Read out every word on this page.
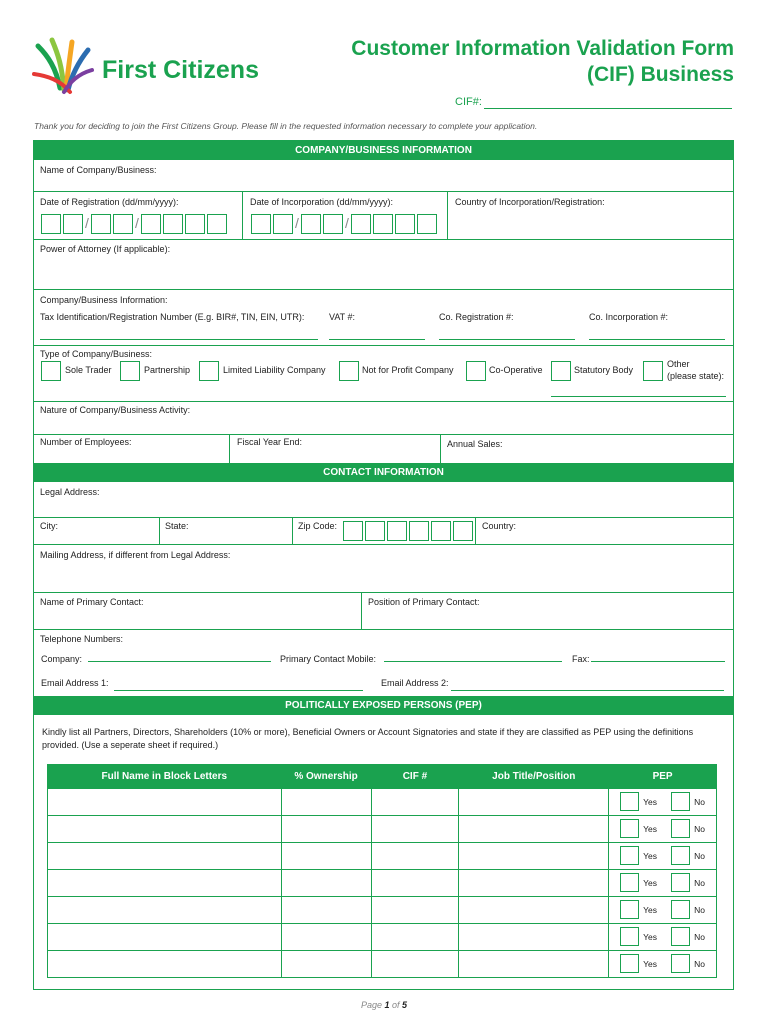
First Citizens
Customer Information Validation Form
(CIF) Business
CIF#:
Thank you for deciding to join the First Citizens Group. Please fill in the requested information necessary to complete your application.
COMPANY/BUSINESS INFORMATION
Name of Company/Business:
Date of Registration (dd/mm/yyyy):	Date of Incorporation (dd/mm/yyyy):	Country of Incorporation/Registration:
/	/	/	/
Power of Attorney (If applicable):
Company/Business Information:
Tax Identification/Registration Number (E.g. BIR#, TIN, EIN, UTR):	VAT #:	Co. Registration #:	Co. Incorporation #:
Type of Company/Business:
Sole Trader	Partnership	Limited Liability Company	Not for Profit Company	Co-Operative	Statutory Body
Other
(please state):
Nature of Company/Business Activity:
Number of Employees:	Fiscal Year End:	Annual Sales:
CONTACT INFORMATION
Legal Address:
City:	State:	Zip Code:	Country:
Mailing Address, if different from Legal Address:
Name of Primary Contact:	Position of Primary Contact:
Telephone Numbers:
Company:	Primary Contact Mobile:	Fax:
Email Address 1:	Email Address 2:
POLITICALLY EXPOSED PERSONS (PEP)
Kindly list all Partners, Directors, Shareholders (10% or more), Beneficial Owners or Account Signatories and state if they are classified as PEP using the definitions provided. (Use a seperate sheet if required.)
Full Name in Block Letters	% Ownership	CIF #	Job Title/Position	PEP

				Yes No

				Yes No

				Yes No

				Yes No

				Yes No

				Yes No

				Yes No
Page 1 of 5
